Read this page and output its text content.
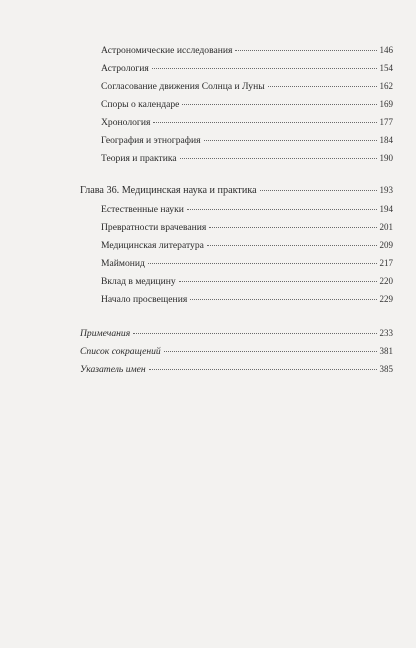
Астрономические исследования	146
Астрология	154
Согласование движения Солнца и Луны	162
Споры о календаре	169
Хронология	177
География и этнография	184
Теория и практика	190
Глава 36. Медицинская наука и практика	193
Естественные науки	194
Превратности врачевания	201
Медицинская литература	209
Маймонид	217
Вклад в медицину	220
Начало просвещения	229
Примечания	233
Список сокращений	381
Указатель имен	385
